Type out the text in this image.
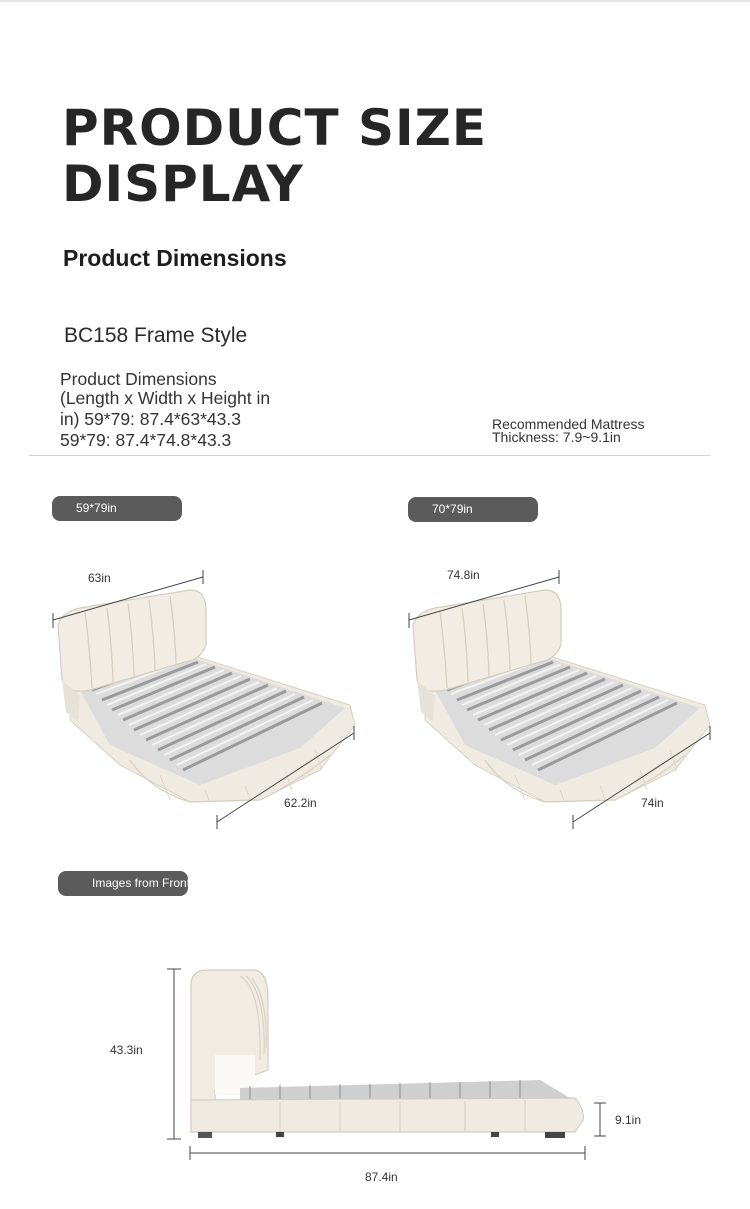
PRODUCT SIZE
DISPLAY
Product Dimensions
BC158 Frame Style
Product Dimensions
(Length x Width x Height in
in) 59*79: 87.4*63*43.3
59*79: 87.4*74.8*43.3
Recommended Mattress
Thickness: 7.9~9.1in
59*79in	70*79in
Images from Front and Side
63in
62.2in
74.8in
74in
43.3in
9.1in
87.4in
